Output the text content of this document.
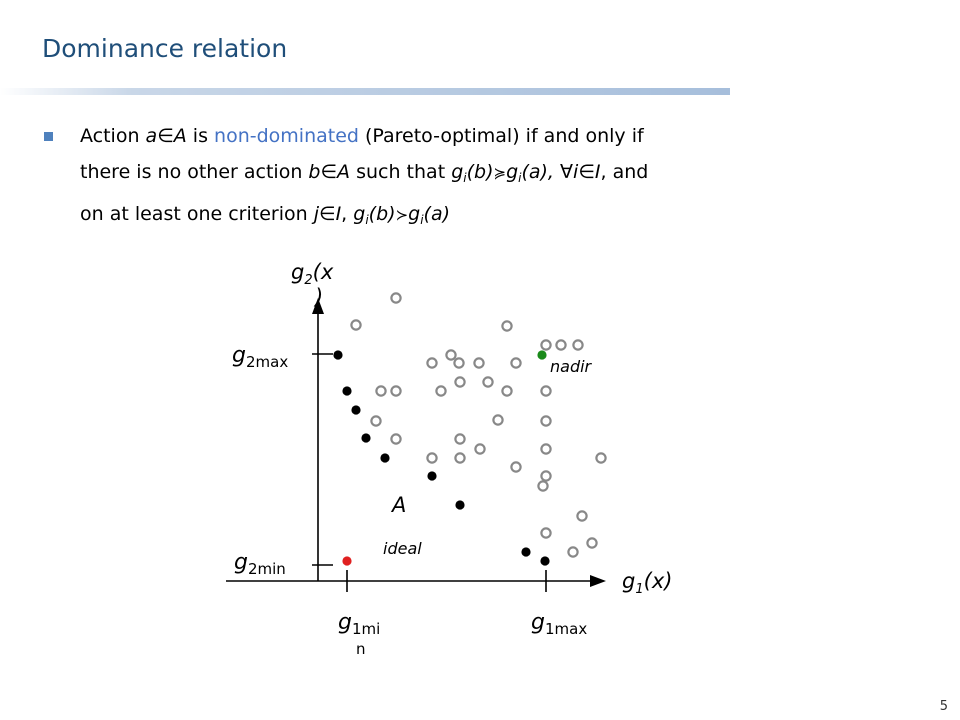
Dominance relation
Action a∈A is non-dominated (Pareto-optimal) if and only if
there is no other action b∈A such that $g_i(b)≽g_i(a)$, ∀i∈I, and
on at least one criterion j∈I, $g_i(b)≻g_i(a)$
$g_2(x$
)
$g_1(x)$
$g_{2max}$
$g_{2min}$
$g_{1mi}$
n
$g_{1max}$
A
ideal
nadir
5
